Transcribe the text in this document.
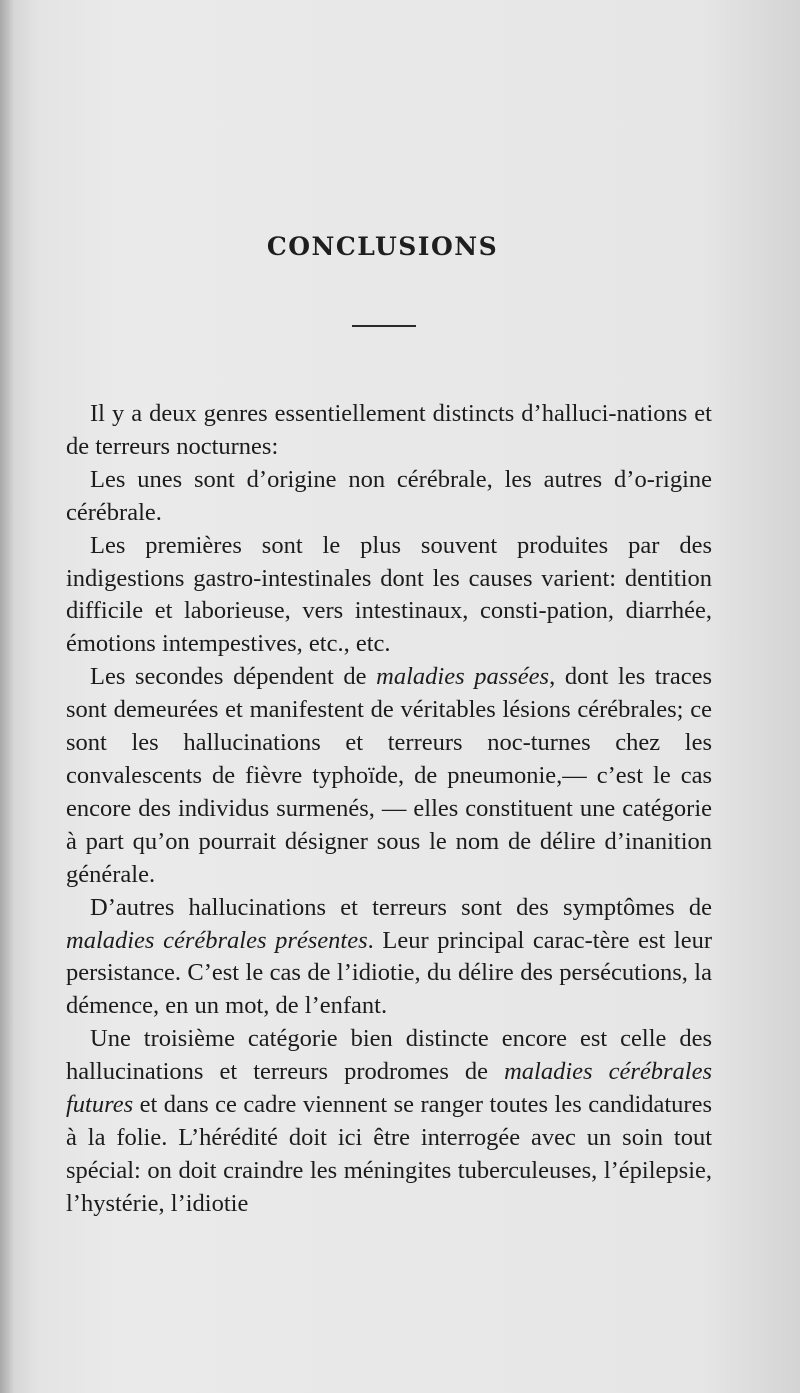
CONCLUSIONS

Il y a deux genres essentiellement distincts d’halluci-nations et de terreurs nocturnes:

Les unes sont d’origine non cérébrale, les autres d’o-rigine cérébrale.

Les premières sont le plus souvent produites par des indigestions gastro-intestinales dont les causes varient: dentition difficile et laborieuse, vers intestinaux, consti-pation, diarrhée, émotions intempestives, etc., etc.

Les secondes dépendent de maladies passées, dont les traces sont demeurées et manifestent de véritables lésions cérébrales; ce sont les hallucinations et terreurs noc-turnes chez les convalescents de fièvre typhoïde, de pneumonie,— c’est le cas encore des individus surmenés, — elles constituent une catégorie à part qu’on pourrait désigner sous le nom de délire d’inanition générale.

D’autres hallucinations et terreurs sont des symptômes de maladies cérébrales présentes. Leur principal carac-tère est leur persistance. C’est le cas de l’idiotie, du délire des persécutions, la démence, en un mot, de l’enfant.

Une troisième catégorie bien distincte encore est celle des hallucinations et terreurs prodromes de maladies cérébrales futures et dans ce cadre viennent se ranger toutes les candidatures à la folie. L’hérédité doit ici être interrogée avec un soin tout spécial: on doit craindre les méningites tuberculeuses, l’épilepsie, l’hystérie, l’idiotie
